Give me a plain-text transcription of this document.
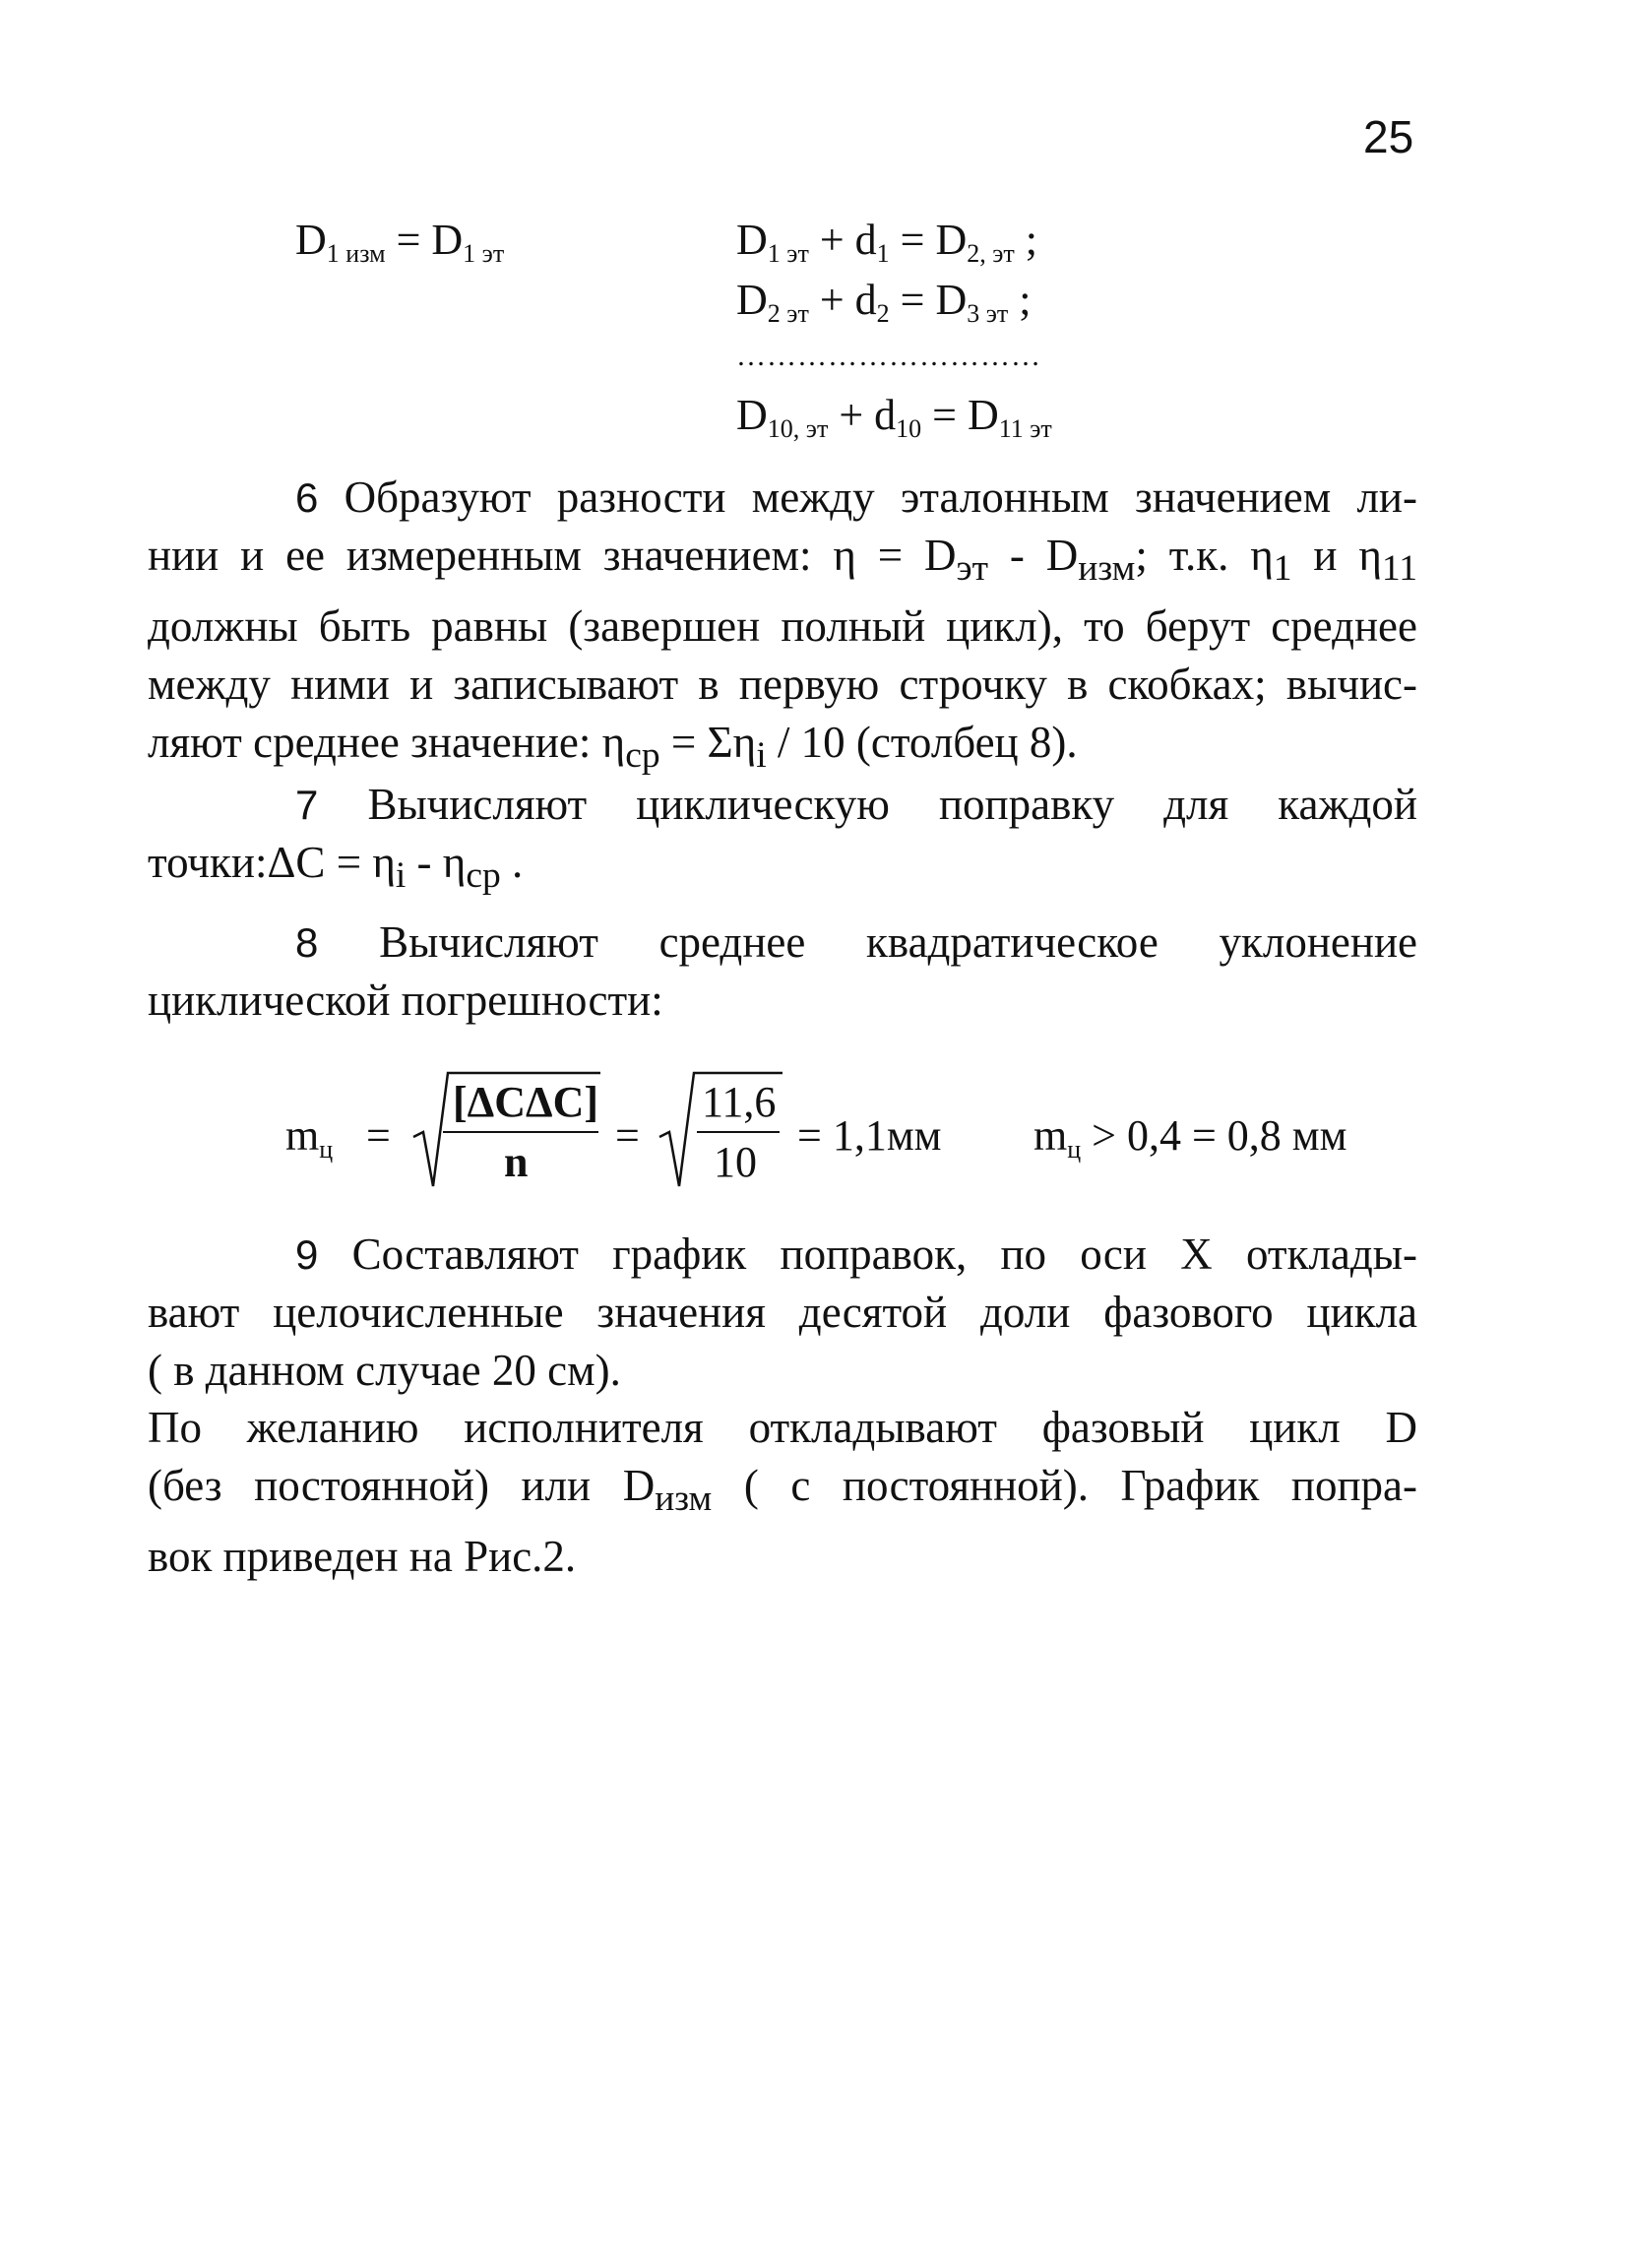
25
$D_{1 изм} = D_{1 эт}$	$D_{1 эт} + d_1 = D_{2, эт}$ ;
$D_{2 эт} + d_2 = D_{3 эт}$ ;
…………………………
$D_{10, эт} + d_{10} = D_{11 эт}$
6 Образуют разности между эталонным значением ли-
нии и ее измеренным значением: $\eta = D_{эт} - D_{изм}$; т.к. $\eta_1$ и $\eta_{11}$
должны быть равны (завершен полный цикл), то берут среднее
между ними и записывают в первую строчку в скобках; вычис-
ляют среднее значение: $\eta_{ср} = \Sigma\eta_i / 10$ (столбец 8).
7 Вычисляют циклическую поправку для каждой
точки:ΔC = $\eta_i - \eta_{ср}$ .
8 Вычисляют среднее квадратическое уклонение
циклической погрешности:
$m_ц$ =
[ΔCΔC]
n
=
11,6
10
= 1,1мм $m_ц > 0,4 = 0,8$ мм
9 Составляют график поправок, по оси X отклады-
вают целочисленные значения десятой доли фазового цикла
( в данном случае 20 см).
По желанию исполнителя откладывают фазовый цикл D
(без постоянной) или $D_{изм}$ ( с постоянной). График попра-
вок приведен на Рис.2.
